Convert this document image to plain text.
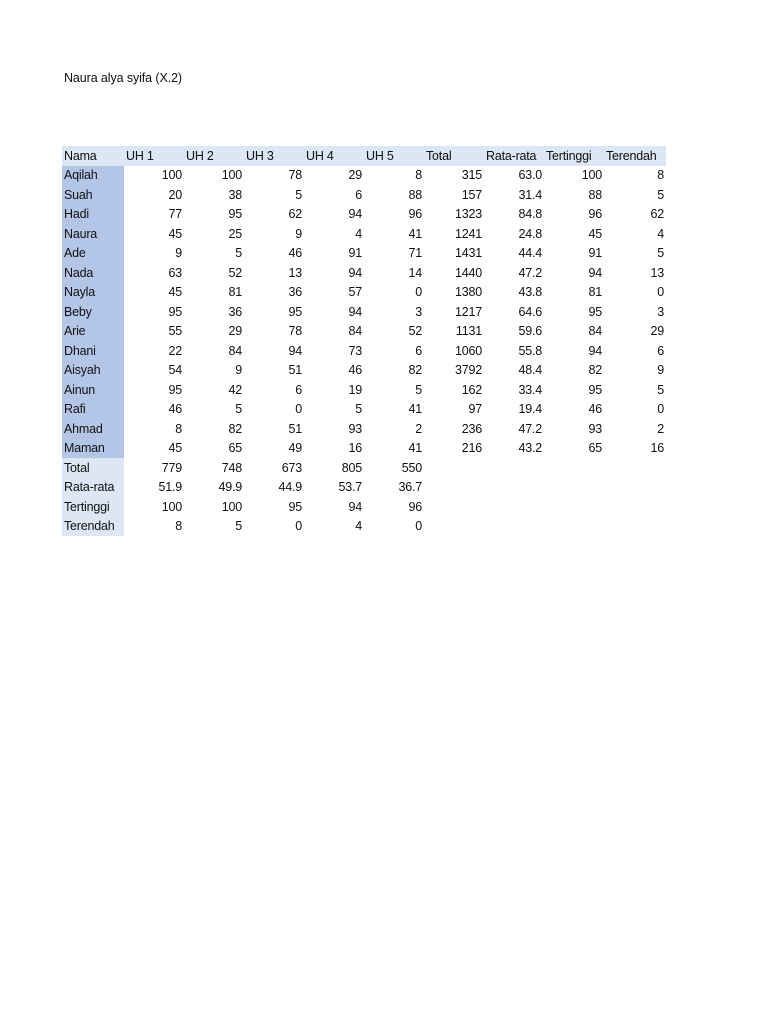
Naura alya syifa (X.2)
Nama	UH 1	UH 2	UH 3	UH 4	UH 5	Total	Rata-rata	Tertinggi	Terendah
Aqilah	100	100	78	29	8	315	63.0	100	8
Suah	20	38	5	6	88	157	31.4	88	5
Hadi	77	95	62	94	96	1323	84.8	96	62
Naura	45	25	9	4	41	1241	24.8	45	4
Ade	9	5	46	91	71	1431	44.4	91	5
Nada	63	52	13	94	14	1440	47.2	94	13
Nayla	45	81	36	57	0	1380	43.8	81	0
Beby	95	36	95	94	3	1217	64.6	95	3
Arie	55	29	78	84	52	1131	59.6	84	29
Dhani	22	84	94	73	6	1060	55.8	94	6
Aisyah	54	9	51	46	82	3792	48.4	82	9
Ainun	95	42	6	19	5	162	33.4	95	5
Rafi	46	5	0	5	41	97	19.4	46	0
Ahmad	8	82	51	93	2	236	47.2	93	2
Maman	45	65	49	16	41	216	43.2	65	16
Total	779	748	673	805	550				
Rata-rata	51.9	49.9	44.9	53.7	36.7				
Tertinggi	100	100	95	94	96				
Terendah	8	5	0	4	0				
